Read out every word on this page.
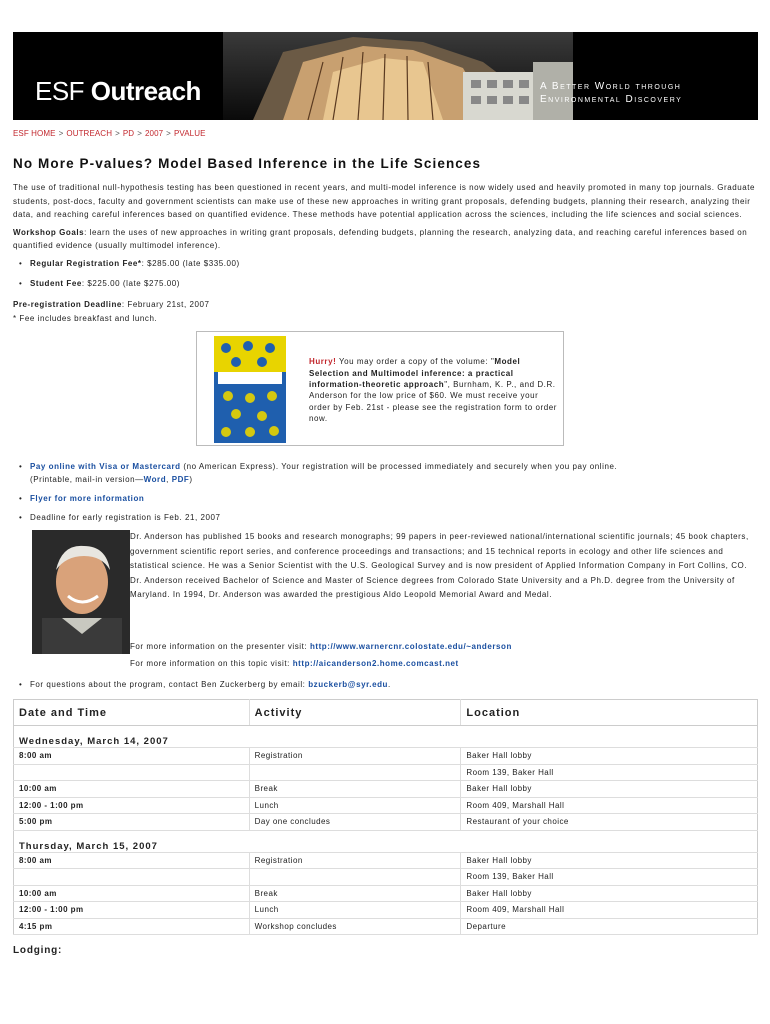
ESF Outreach	A Better World through
Environmental Discovery
ESF HOME > OUTREACH > PD > 2007 > PVALUE
No More P-values? Model Based Inference in the Life Sciences

The use of traditional null-hypothesis testing has been questioned in recent years, and multi-model inference is now widely used and heavily promoted in many top journals. Graduate students, post-docs, faculty and government scientists can make use of these new approaches in writing grant proposals, defending budgets, planning their research, analyzing their data, and reaching careful inferences based on quantified evidence. These methods have potential application across the sciences, including the life sciences and social sciences.

Workshop Goals: learn the uses of new approaches in writing grant proposals, defending budgets, planning the research, analyzing data, and reaching careful inferences based on quantified evidence (usually multimodel inference).

• Regular Registration Fee*: $285.00 (late $335.00)
• Student Fee: $225.00 (late $275.00)

Pre-registration Deadline: February 21st, 2007

* Fee includes breakfast and lunch.

Hurry! You may order a copy of the volume: "Model Selection and Multimodel inference: a practical information-theoretic approach", Burnham, K. P., and D.R. Anderson for the low price of $60. We must receive your order by Feb. 21st - please see the registration form to order now.
• Pay online with Visa or Mastercard (no American Express). Your registration will be processed immediately and securely when you pay online.
(Printable, mail-in version—Word, PDF)
• Flyer for more information
• Deadline for early registration is Feb. 21, 2007
Dr. Anderson has published 15 books and research monographs; 99 papers in peer-reviewed national/international scientific journals; 45 book chapters, government scientific report series, and conference proceedings and transactions; and 15 technical reports in ecology and other life sciences and statistical science. He was a Senior Scientist with the U.S. Geological Survey and is now president of Applied Information Company in Fort Collins, CO. Dr. Anderson received Bachelor of Science and Master of Science degrees from Colorado State University and a Ph.D. degree from the University of Maryland. In 1994, Dr. Anderson was awarded the prestigious Aldo Leopold Memorial Award and Medal.
For more information on the presenter visit: http://www.warnercnr.colostate.edu/~anderson
For more information on this topic visit: http://aicanderson2.home.comcast.net
• For questions about the program, contact Ben Zuckerberg by email: bzuckerb@syr.edu.
Date and Time	Activity	Location
Wednesday, March 14, 2007		
8:00 am	Registration	Baker Hall lobby
		Room 139, Baker Hall
10:00 am	Break	Baker Hall lobby
12:00 - 1:00 pm	Lunch	Room 409, Marshall Hall
5:00 pm	Day one concludes	Restaurant of your choice
Thursday, March 15, 2007		
8:00 am	Registration	Baker Hall lobby
		Room 139, Baker Hall
10:00 am	Break	Baker Hall lobby
12:00 - 1:00 pm	Lunch	Room 409, Marshall Hall
4:15 pm	Workshop concludes	Departure
Lodging:
